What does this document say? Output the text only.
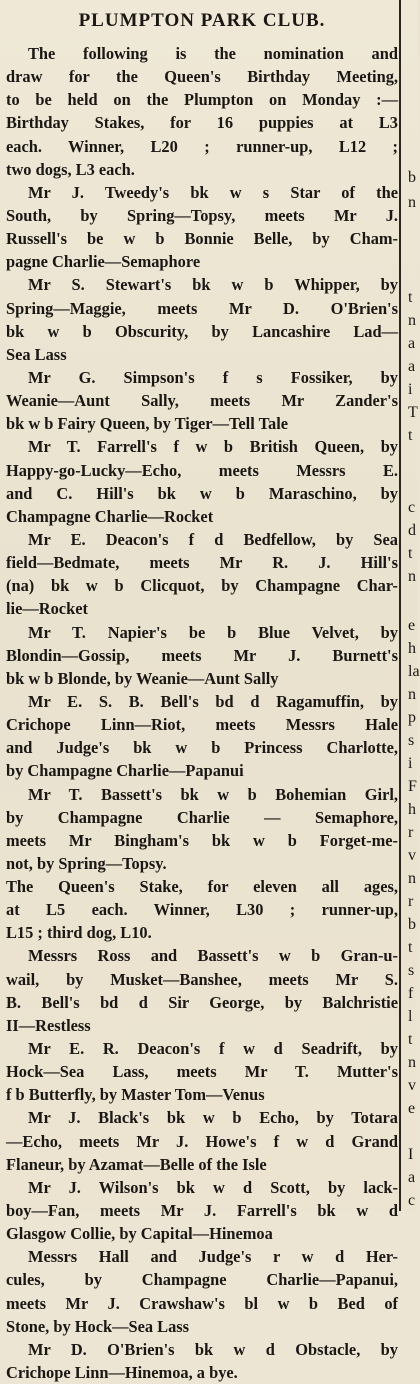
PLUMPTON PARK CLUB.
The following is the nomination and
draw for the Queen's Birthday Meeting,
to be held on the Plumpton on Monday :—
Birthday Stakes, for 16 puppies at L3
each. Winner, L20 ; runner-up, L12 ;
two dogs, L3 each.
Mr J. Tweedy's bk w s Star of the
South, by Spring—Topsy, meets Mr J.
Russell's be w b Bonnie Belle, by Cham-
pagne Charlie—Semaphore
Mr S. Stewart's bk w b Whipper, by
Spring—Maggie, meets Mr D. O'Brien's
bk w b Obscurity, by Lancashire Lad—
Sea Lass
Mr G. Simpson's f s Fossiker, by
Weanie—Aunt Sally, meets Mr Zander's
bk w b Fairy Queen, by Tiger—Tell Tale
Mr T. Farrell's f w b British Queen, by
Happy-go-Lucky—Echo, meets Messrs E.
and C. Hill's bk w b Maraschino, by
Champagne Charlie—Rocket
Mr E. Deacon's f d Bedfellow, by Sea
field—Bedmate, meets Mr R. J. Hill's
(na) bk w b Clicquot, by Champagne Char-
lie—Rocket
Mr T. Napier's be b Blue Velvet, by
Blondin—Gossip, meets Mr J. Burnett's
bk w b Blonde, by Weanie—Aunt Sally
Mr E. S. B. Bell's bd d Ragamuffin, by
Crichope Linn—Riot, meets Messrs Hale
and Judge's bk w b Princess Charlotte,
by Champagne Charlie—Papanui
Mr T. Bassett's bk w b Bohemian Girl,
by Champagne Charlie — Semaphore,
meets Mr Bingham's bk w b Forget-me-
not, by Spring—Topsy.
The Queen's Stake, for eleven all ages,
at L5 each. Winner, L30 ; runner-up,
L15 ; third dog, L10.
Messrs Ross and Bassett's w b Gran-u-
wail, by Musket—Banshee, meets Mr S.
B. Bell's bd d Sir George, by Balchristie
II—Restless
Mr E. R. Deacon's f w d Seadrift, by
Hock—Sea Lass, meets Mr T. Mutter's
f b Butterfly, by Master Tom—Venus
Mr J. Black's bk w b Echo, by Totara
—Echo, meets Mr J. Howe's f w d Grand
Flaneur, by Azamat—Belle of the Isle
Mr J. Wilson's bk w d Scott, by lack-
boy—Fan, meets Mr J. Farrell's bk w d
Glasgow Collie, by Capital—Hinemoa
Messrs Hall and Judge's r w d Her-
cules, by Champagne Charlie—Papanui,
meets Mr J. Crawshaw's bl w b Bed of
Stone, by Hock—Sea Lass
Mr D. O'Brien's bk w d Obstacle, by
Crichope Linn—Hinemoa, a bye.
b
n
t
n
a
a
i
T
t
c
d
t
n
e
h
la
n
p
s
i
F
h
r
v
n
r
b
t
s
f
l
t
n
v
e
I
a
c
